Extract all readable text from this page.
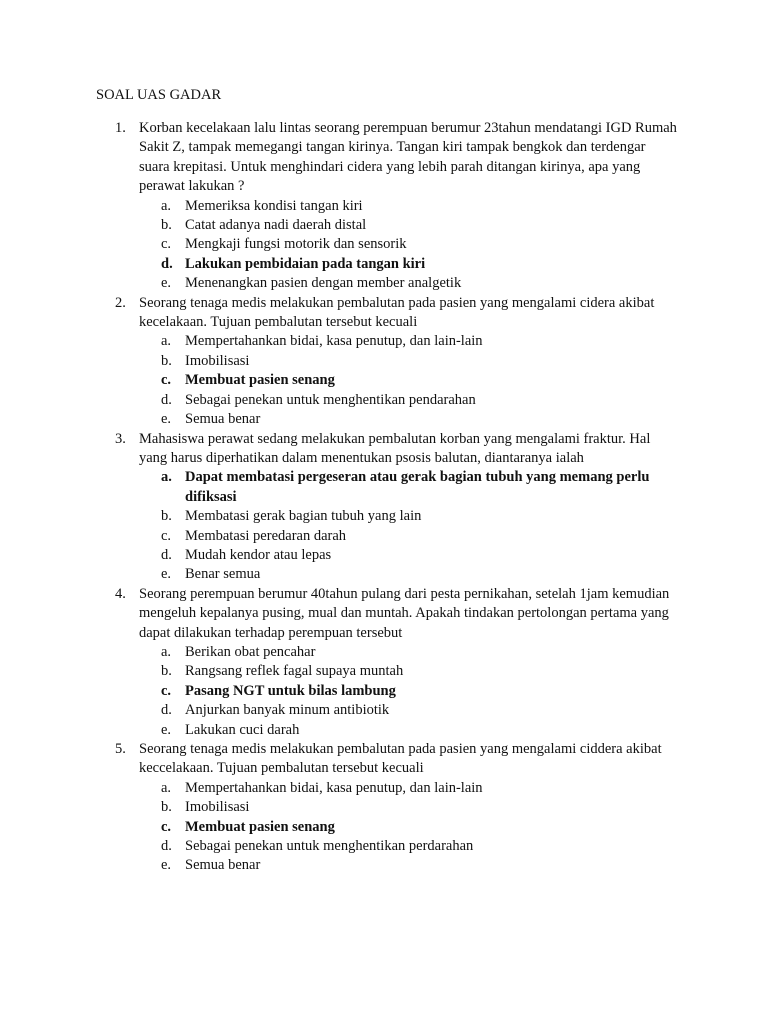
SOAL UAS GADAR
1. Korban kecelakaan lalu lintas seorang perempuan berumur 23tahun mendatangi IGD Rumah Sakit Z, tampak memegangi tangan kirinya. Tangan kiri tampak bengkok dan terdengar suara krepitasi. Untuk menghindari cidera yang lebih parah ditangan kirinya, apa yang perawat lakukan ?
a. Memeriksa kondisi tangan kiri
b. Catat adanya nadi daerah distal
c. Mengkaji fungsi motorik dan sensorik
d. Lakukan pembidaian pada tangan kiri
e. Menenangkan pasien dengan member analgetik
2. Seorang tenaga medis melakukan pembalutan pada pasien yang mengalami cidera akibat kecelakaan. Tujuan pembalutan tersebut kecuali
a. Mempertahankan bidai, kasa penutup, dan lain-lain
b. Imobilisasi
c. Membuat pasien senang
d. Sebagai penekan untuk menghentikan pendarahan
e. Semua benar
3. Mahasiswa perawat sedang melakukan pembalutan korban yang mengalami fraktur. Hal yang harus diperhatikan dalam menentukan psosis balutan, diantaranya ialah
a. Dapat membatasi pergeseran atau gerak bagian tubuh yang memang perlu difiksasi
b. Membatasi gerak bagian tubuh yang lain
c. Membatasi peredaran darah
d. Mudah kendor atau lepas
e. Benar semua
4. Seorang perempuan berumur 40tahun pulang dari pesta pernikahan, setelah 1jam kemudian mengeluh kepalanya pusing, mual dan muntah. Apakah tindakan pertolongan pertama yang dapat dilakukan terhadap perempuan tersebut
a. Berikan obat pencahar
b. Rangsang reflek fagal supaya muntah
c. Pasang NGT untuk bilas lambung
d. Anjurkan banyak minum antibiotik
e. Lakukan cuci darah
5. Seorang tenaga medis melakukan pembalutan pada pasien yang mengalami ciddera akibat keccelakaan. Tujuan pembalutan tersebut kecuali
a. Mempertahankan bidai, kasa penutup, dan lain-lain
b. Imobilisasi
c. Membuat pasien senang
d. Sebagai penekan untuk menghentikan perdarahan
e. Semua benar
